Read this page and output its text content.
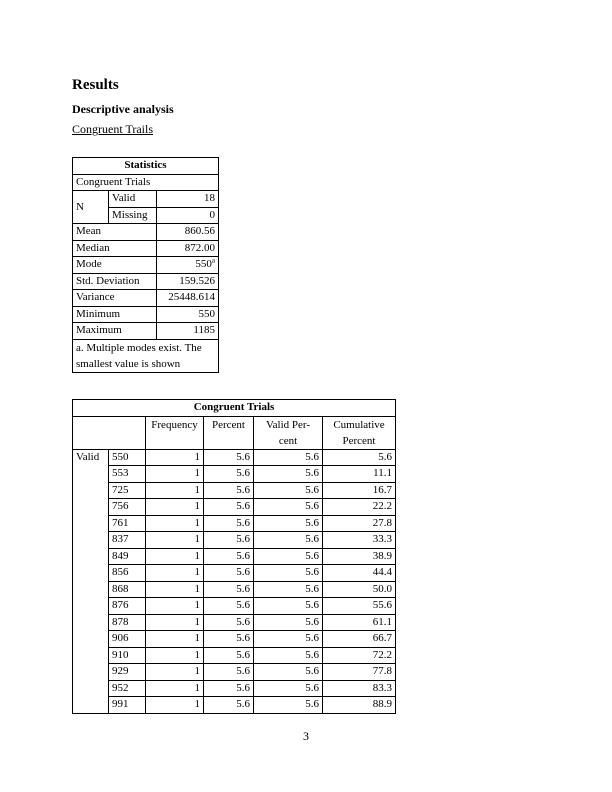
Results
Descriptive analysis
Congruent Trails
Statistics		
Congruent Trials		
N	Valid	18
	Missing	0
Mean		860.56
Median		872.00
Mode		550$^a$
Std. Deviation		159.526
Variance		25448.614
Minimum		550
Maximum		1185
a. Multiple modes exist. The smallest value is shown		
Congruent Trials					
		Frequency	Percent	Valid Per-cent	Cumulative Percent
Valid	550	1	5.6	5.6	5.6
	553	1	5.6	5.6	11.1
	725	1	5.6	5.6	16.7
	756	1	5.6	5.6	22.2
	761	1	5.6	5.6	27.8
	837	1	5.6	5.6	33.3
	849	1	5.6	5.6	38.9
	856	1	5.6	5.6	44.4
	868	1	5.6	5.6	50.0
	876	1	5.6	5.6	55.6
	878	1	5.6	5.6	61.1
	906	1	5.6	5.6	66.7
	910	1	5.6	5.6	72.2
	929	1	5.6	5.6	77.8
	952	1	5.6	5.6	83.3
	991	1	5.6	5.6	88.9
3
